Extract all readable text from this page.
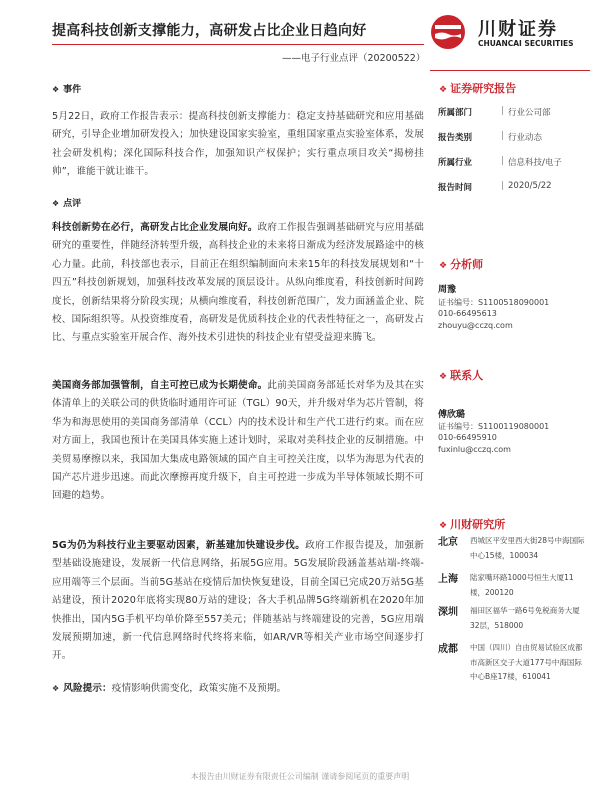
提高科技创新支撑能力，高研发占比企业日趋向好
——电子行业点评（20200522）
川财证券
CHUANCAI SECURITIES
❖ 事件
5月22日，政府工作报告表示：提高科技创新支撑能力：稳定支持基础研究和应用基础研究，引导企业增加研发投入；加快建设国家实验室，重组国家重点实验室体系，发展社会研发机构；深化国际科技合作，加强知识产权保护；实行重点项目攻关“揭榜挂帅”，谁能干就让谁干。
❖ 点评
科技创新势在必行，高研发占比企业发展向好。政府工作报告强调基础研究与应用基础研究的重要性，伴随经济转型升级，高科技企业的未来将日渐成为经济发展路途中的核心力量。此前，科技部也表示，目前正在组织编制面向未来15年的科技发展规划和“十四五”科技创新规划，加强科技改革发展的顶层设计。从纵向维度看，科技创新时间跨度长，创新结果将分阶段实现；从横向维度看，科技创新范围广，发力面涵盖企业、院校、国际组织等。从投资维度看，高研发是优质科技企业的代表性特征之一，高研发占比、与重点实验室开展合作、海外技术引进快的科技企业有望受益迎来腾飞。
美国商务部加强管制，自主可控已成为长期使命。此前美国商务部延长对华为及其在实体清单上的关联公司的供货临时通用许可证（TGL）90天，并升级对华为芯片管制，将华为和海思使用的美国商务部清单（CCL）内的技术设计和生产代工进行约束。而在应对方面上，我国也预计在美国具体实施上述计划时，采取对美科技企业的反制措施。中美贸易摩擦以来，我国加大集成电路领域的国产自主可控关注度，以华为海思为代表的国产芯片进步迅速。而此次摩擦再度升级下，自主可控进一步成为半导体领域长期不可回避的趋势。
5G为仍为科技行业主要驱动因素，新基建加快建设步伐。政府工作报告提及，加强新型基础设施建设，发展新一代信息网络，拓展5G应用。5G发展阶段涵盖基站端-终端-应用端等三个层面。当前5G基站在疫情后加快恢复建设，目前全国已完成20万站5G基站建设，预计2020年底将实现80万站的建设；各大手机品牌5G终端新机在2020年加快推出，国内5G手机平均单价降至557美元；伴随基站与终端建设的完善，5G应用端发展预期加速，新一代信息网络时代终将来临，如AR/VR等相关产业市场空间逐步打开。
❖ 风险提示：疫情影响供需变化，政策实施不及预期。
❖ 证券研究报告
所属部门	| 行业公司部
报告类别	| 行业动态
所属行业	| 信息科技/电子
报告时间	| 2020/5/22
❖ 分析师
周豫
证书编号：S1100518090001
010-66495613
zhouyu@cczq.com
❖ 联系人
傅欣璐
证书编号：S1100119080001
010-66495910
fuxinlu@cczq.com
❖ 川财研究所
北京 西城区平安里西大街28号中海国际中心15楼，100034
上海 陆家嘴环路1000号恒生大厦11楼，200120
深圳 福田区福华一路6号免税商务大厦32层，518000
成都 中国（四川）自由贸易试验区成都市高新区交子大道177号中海国际中心B座17楼，610041
本报告由川财证券有限责任公司编制 谨请参阅尾页的重要声明
